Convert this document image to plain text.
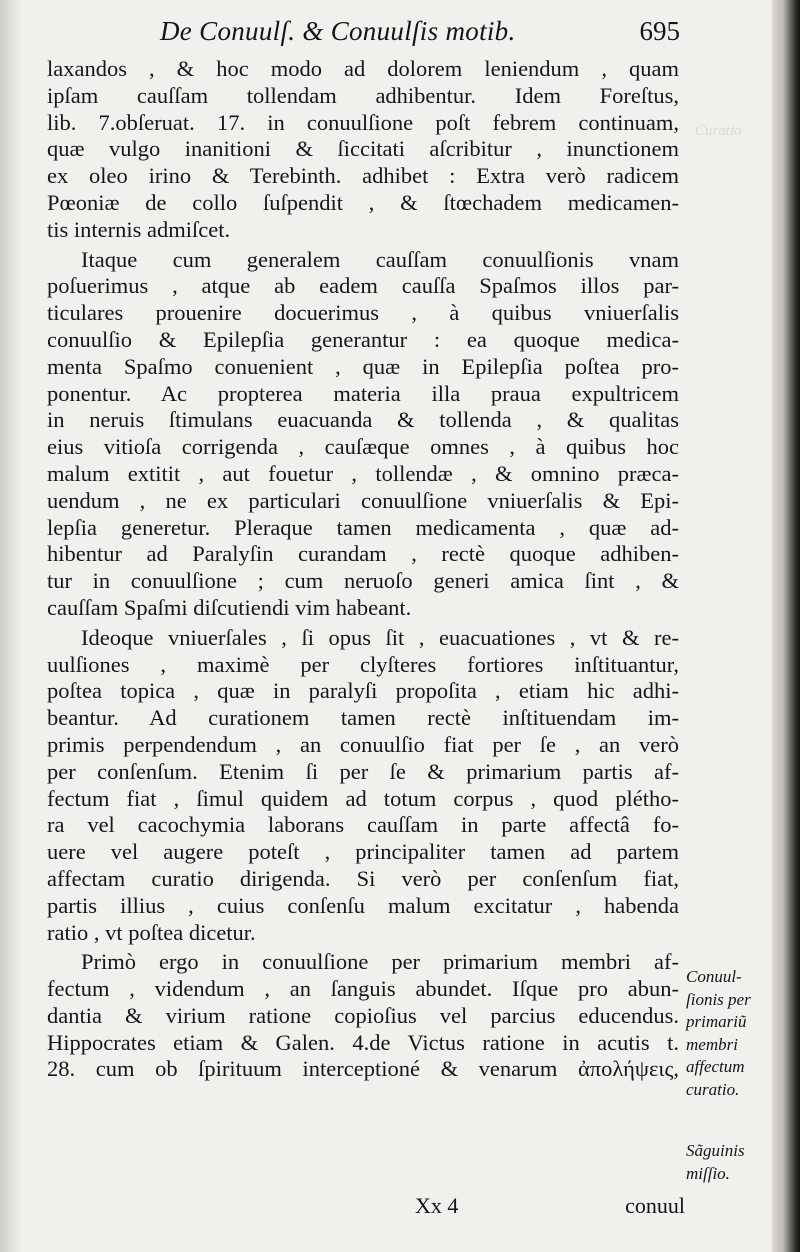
Curatio

De Conuulſ. & Conuulſis motib.	695
laxandos , & hoc modo ad dolorem leniendum , quam
ipſam cauſſam tollendam adhibentur. Idem Foreſtus,
lib. 7.obſeruat. 17. in conuulſione poſt febrem continuam,
quæ vulgo inanitioni & ſiccitati aſcribitur , inunctionem
ex oleo irino & Terebinth. adhibet : Extra verò radicem
Pœoniæ de collo ſuſpendit , & ſtœchadem medicamen-
tis internis admiſcet.
Itaque cum generalem cauſſam conuulſionis vnam
poſuerimus , atque ab eadem cauſſa Spaſmos illos par-
ticulares prouenire docuerimus , à quibus vniuerſalis
conuulſio & Epilepſia generantur : ea quoque medica-
menta Spaſmo conuenient , quæ in Epilepſia poſtea pro-
ponentur. Ac propterea materia illa praua expultricem
in neruis ſtimulans euacuanda & tollenda , & qualitas
eius vitioſa corrigenda , cauſæque omnes , à quibus hoc
malum extitit , aut fouetur , tollendæ , & omnino præca-
uendum , ne ex particulari conuulſione vniuerſalis & Epi-
lepſia generetur. Pleraque tamen medicamenta , quæ ad-
hibentur ad Paralyſin curandam , rectè quoque adhiben-
tur in conuulſione ; cum neruoſo generi amica ſint , &
cauſſam Spaſmi diſcutiendi vim habeant.
Ideoque vniuerſales , ſi opus ſit , euacuationes , vt & re-
uulſiones , maximè per clyſteres fortiores inſtituantur,
poſtea topica , quæ in paralyſi propoſita , etiam hic adhi-
beantur. Ad curationem tamen rectè inſtituendam im-
primis perpendendum , an conuulſio fiat per ſe , an verò
per conſenſum. Etenim ſi per ſe & primarium partis af-
fectum fiat , ſimul quidem ad totum corpus , quod plétho-
ra vel cacochymia laborans cauſſam in parte affectâ fo-
uere vel augere poteſt , principaliter tamen ad partem
affectam curatio dirigenda. Si verò per conſenſum fiat,
partis illius , cuius conſenſu malum excitatur , habenda
ratio , vt poſtea dicetur.
Primò ergo in conuulſione per primarium membri af-
fectum , videndum , an ſanguis abundet. Iſque pro abun-
dantia & virium ratione copioſius vel parcius educendus.
Hippocrates etiam & Galen. 4.de Victus ratione in acutis t.
28. cum ob ſpirituum interceptioné & venarum ἀπολήψεις,
Conuul-
ſionis per
primariũ
membri
affectum
curatio.
Sãguinis
miſſio.
Xx 4	conuul
